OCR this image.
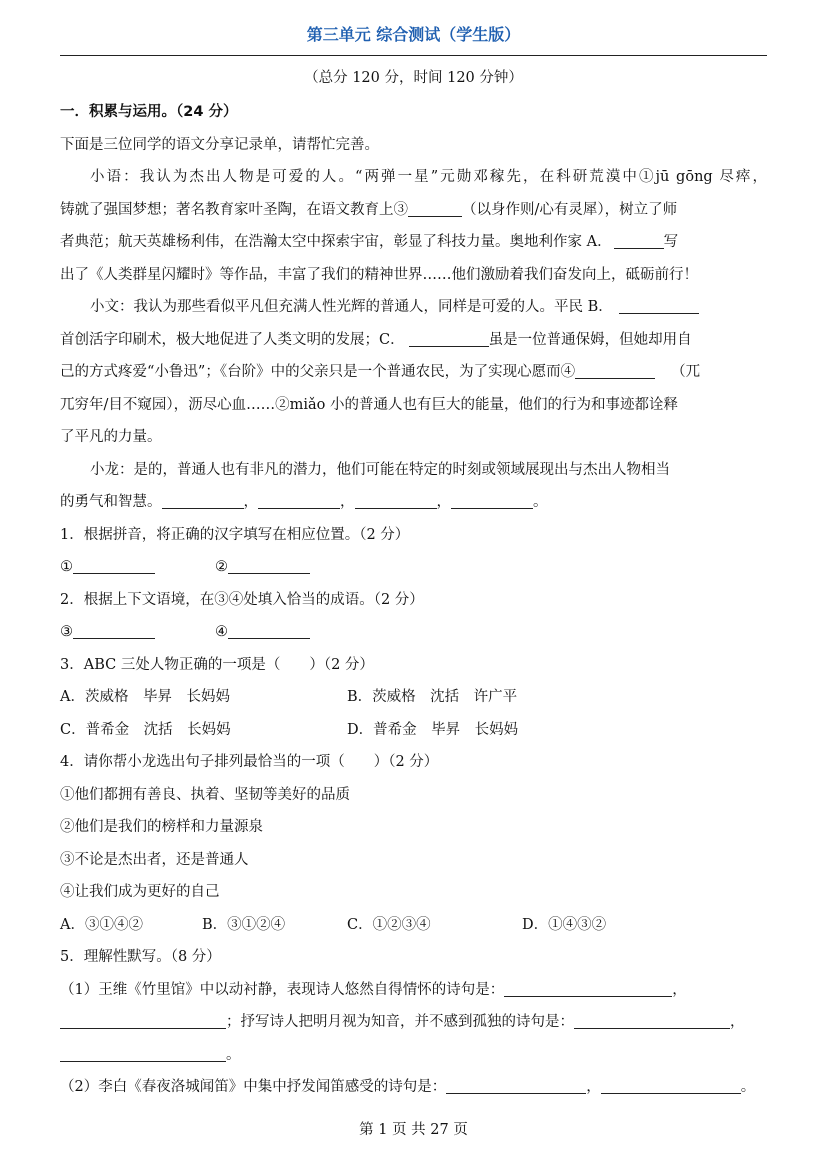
第三单元 综合测试（学生版）
（总分 120 分，时间 120 分钟）
一．积累与运用。（24 分）
下面是三位同学的语文分享记录单，请帮忙完善。
小语：我认为杰出人物是可爱的人。“两弹一星”元勋邓稼先，在科研荒漠中①jū gōng 尽瘁，
铸就了强国梦想；著名教育家叶圣陶，在语文教育上③	（以身作则/心有灵犀），树立了师
者典范；航天英雄杨利伟，在浩瀚太空中探索宇宙，彰显了科技力量。奥地利作家 A．	写
出了《人类群星闪耀时》等作品，丰富了我们的精神世界……他们激励着我们奋发向上，砥砺前行！
小文：我认为那些看似平凡但充满人性光辉的普通人，同样是可爱的人。平民 B．
首创活字印刷术，极大地促进了人类文明的发展；C．	虽是一位普通保姆，但她却用自
己的方式疼爱“小鲁迅”；《台阶》中的父亲只是一个普通农民，为了实现心愿而④	（兀
兀穷年/目不窥园），沥尽心血……②miǎo 小的普通人也有巨大的能量，他们的行为和事迹都诠释
了平凡的力量。
小龙：是的，普通人也有非凡的潜力，他们可能在特定的时刻或领域展现出与杰出人物相当
的勇气和智慧。	，	，	，	。
1．根据拼音，将正确的汉字填写在相应位置。（2 分）
①	②
2．根据上下文语境，在③④处填入恰当的成语。（2 分）
③	④
3．ABC 三处人物正确的一项是（　　）（2 分）
A．茨威格　毕昇　长妈妈	B．茨威格　沈括　许广平
C．普希金　沈括　长妈妈	D．普希金　毕昇　长妈妈
4．请你帮小龙选出句子排列最恰当的一项（　　）（2 分）
①他们都拥有善良、执着、坚韧等美好的品质
②他们是我们的榜样和力量源泉
③不论是杰出者，还是普通人
④让我们成为更好的自己
A．③①④②	B．③①②④	C．①②③④	D．①④③②
5．理解性默写。（8 分）
（1）王维《竹里馆》中以动衬静，表现诗人悠然自得情怀的诗句是：	，
；抒写诗人把明月视为知音，并不感到孤独的诗句是：	，
。
（2）李白《春夜洛城闻笛》中集中抒发闻笛感受的诗句是：	，	。
第 1 页 共 27 页
